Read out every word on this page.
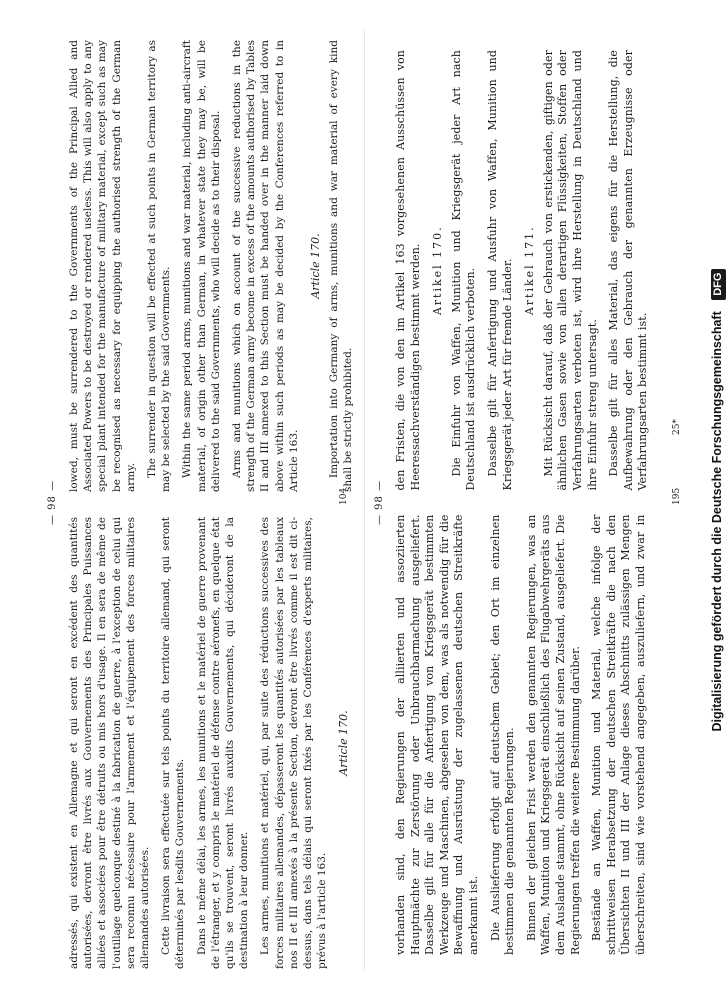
— 98 —

adressés, qui existent en Allemagne et qui seront en excédent des quantités autorisées, devront être livrés aux Gouvernements des Principales Puissances alliées et associées pour être détruits ou mis hors d'usage. Il en sera de même de l'outillage quelconque destiné à la fabrication de guerre, à l'exception de celui qui sera reconnu nécessaire pour l'armement et l'équipement des forces militaires allemandes autorisées. Cette livraison sera effectuée sur tels points du territoire allemand, qui seront déterminés par lesdits Gouvernements. Dans le même délai, les armes, les munitions et le matériel de guerre provenant de l'étranger, et y compris le matériel de défense contre aéronefs, en quelque état qu'ils se trouvent, seront livrés auxdits Gouvernements, qui décideront de la destination à leur donner. Les armes, munitions et matériel, qui, par suite des réductions successives des forces militaires allemandes, dépasseront les quantités autorisées par les tableaux nos II et III annexés à la présente Section, devront être livrés comme il est dit ci-dessus, dans tels délais qui seront fixés par les Conférences d'experts militaires, prévus à l'article 163.

Article 170.

lowed, must be surrendered to the Governments of the Principal Allied and Associated Powers to be destroyed or rendered useless. This will also apply to any special plant intended for the manufacture of military material, except such as may be recognised as necessary for equipping the authorised strength of the German army. The surrender in question will be effected at such points in German territory as may be selected by the said Governments. Within the same period arms, munitions and war material, including anti-aircraft material, of origin other than German, in whatever state they may be, will be delivered to the said Governments, who will decide as to their disposal. Arms and munitions which on account of the successive reductions in the strength of the German army become in excess of the amounts authorised by Tables II and III annexed to this Section must be handed over in the manner laid down above within such periods as may be decided by the Conferences referred to in Article 163.

Article 170. Importation into Germany of arms, munitions and war material of every kind shall be strictly prohibited.

104	— 98 —

vorhanden sind, den Regierungen der alliierten und assoziierten Hauptmächte zur Zerstörung oder Unbrauchbarmachung ausgeliefert. Dasselbe gilt für alle für die Anfertigung von Kriegsgerät bestimmten Werkzeuge und Maschinen, abgesehen von dem, was als notwendig für die Bewaffnung und Ausrüstung der zugelassenen deutschen Streitkräfte anerkannt ist. Die Auslieferung erfolgt auf deutschem Gebiet; den Ort im einzelnen bestimmen die genannten Regierungen. Binnen der gleichen Frist werden den genannten Regierungen, was an Waffen, Munition und Kriegsgerät einschließlich des Flugabwehrgeräts aus dem Auslande stammt, ohne Rücksicht auf seinen Zustand, ausgeliefert. Die Regierungen treffen die weitere Bestimmung darüber. Bestände an Waffen, Munition und Material, welche infolge der schrittweisen Herabsetzung der deutschen Streitkräfte die nach den Übersichten II und III der Anlage dieses Abschnitts zulässigen Mengen überschreiten, sind wie vorstehend angegeben, auszuliefern, und zwar in den Fristen, die von den im Artikel 163 vorgesehenen Ausschüssen von Heeressachverständigen bestimmt werden. Artikel 170. Die Einfuhr von Waffen, Munition und Kriegsgerät jeder Art nach Deutschland ist ausdrücklich verboten. Dasselbe gilt für Anfertigung und Ausfuhr von Waffen, Munition und Kriegsgerät jeder Art für fremde Länder. Artikel 171. Mit Rücksicht darauf, daß der Gebrauch von erstickenden, giftigen oder ähnlichen Gasen sowie von allen derartigen Flüssigkeiten, Stoffen oder Verfahrungsarten verboten ist, wird ihre Herstellung in Deutschland und ihre Einfuhr streng untersagt. Dasselbe gilt für alles Material, das eigens für die Herstellung, die Aufbewahrung oder den Gebrauch der genannten Erzeugnisse oder Verfahrungsarten bestimmt ist.

195
25* Digitalisierung gefördert durch die Deutsche Forschungsgemeinschaft DFG
